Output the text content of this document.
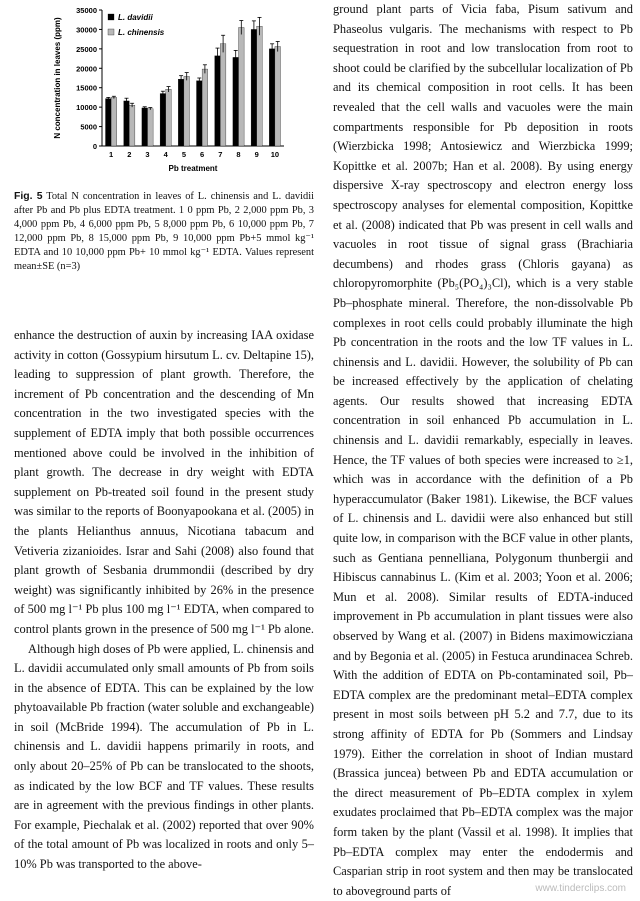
N concentration in leaves (ppm)
0
5000
10000
15000
20000
25000
30000
35000
1 2 3 4 5 6 7 8 9 10
Pb treatment
L. davidii
L. chinensis
Fig. 5 Total N concentration in leaves of L. chinensis and L. davidii after Pb and Pb plus EDTA treatment. 1 0 ppm Pb, 2 2,000 ppm Pb, 3 4,000 ppm Pb, 4 6,000 ppm Pb, 5 8,000 ppm Pb, 6 10,000 ppm Pb, 7 12,000 ppm Pb, 8 15,000 ppm Pb, 9 10,000 ppm Pb+5 mmol kg⁻¹ EDTA and 10 10,000 ppm Pb+ 10 mmol kg⁻¹ EDTA. Values represent mean±SE (n=3)

enhance the destruction of auxin by increasing IAA oxidase activity in cotton (Gossypium hirsutum L. cv. Deltapine 15), leading to suppression of plant growth. Therefore, the increment of Pb concentration and the descending of Mn concentration in the two investigated species with the supplement of EDTA imply that both possible occurrences mentioned above could be involved in the inhibition of plant growth. The decrease in dry weight with EDTA supplement on Pb-treated soil found in the present study was similar to the reports of Boonyapookana et al. (2005) in the plants Helianthus annuus, Nicotiana tabacum and Vetiveria zizanioides. Israr and Sahi (2008) also found that plant growth of Sesbania drummondii (described by dry weight) was significantly inhibited by 26% in the presence of 500 mg l⁻¹ Pb plus 100 mg l⁻¹ EDTA, when compared to control plants grown in the presence of 500 mg l⁻¹ Pb alone.

Although high doses of Pb were applied, L. chinensis and L. davidii accumulated only small amounts of Pb from soils in the absence of EDTA. This can be explained by the low phytoavailable Pb fraction (water soluble and exchangeable) in soil (McBride 1994). The accumulation of Pb in L. chinensis and L. davidii happens primarily in roots, and only about 20–25% of Pb can be translocated to the shoots, as indicated by the low BCF and TF values. These results are in agreement with the previous findings in other plants. For example, Piechalak et al. (2002) reported that over 90% of the total amount of Pb was localized in roots and only 5–10% Pb was transported to the above-

ground plant parts of Vicia faba, Pisum sativum and Phaseolus vulgaris. The mechanisms with respect to Pb sequestration in root and low translocation from root to shoot could be clarified by the subcellular localization of Pb and its chemical composition in root cells. It has been revealed that the cell walls and vacuoles were the main compartments responsible for Pb deposition in roots (Wierzbicka 1998; Antosiewicz and Wierzbicka 1999; Kopittke et al. 2007b; Han et al. 2008). By using energy dispersive X-ray spectroscopy and electron energy loss spectroscopy analyses for elemental composition, Kopittke et al. (2008) indicated that Pb was present in cell walls and vacuoles in root tissue of signal grass (Brachiaria decumbens) and rhodes grass (Chloris gayana) as chloropyromorphite (Pb₅(PO₄)₃Cl), which is a very stable Pb–phosphate mineral. Therefore, the non-dissolvable Pb complexes in root cells could probably illuminate the high Pb concentration in the roots and the low TF values in L. chinensis and L. davidii. However, the solubility of Pb can be increased effectively by the application of chelating agents. Our results showed that increasing EDTA concentration in soil enhanced Pb accumulation in L. chinensis and L. davidii remarkably, especially in leaves. Hence, the TF values of both species were increased to ≥1, which was in accordance with the definition of a Pb hyperaccumulator (Baker 1981). Likewise, the BCF values of L. chinensis and L. davidii were also enhanced but still quite low, in comparison with the BCF value in other plants, such as Gentiana pennelliana, Polygonum thunbergii and Hibiscus cannabinus L. (Kim et al. 2003; Yoon et al. 2006; Mun et al. 2008). Similar results of EDTA-induced improvement in Pb accumulation in plant tissues were also observed by Wang et al. (2007) in Bidens maximowicziana and by Begonia et al. (2005) in Festuca arundinacea Schreb. With the addition of EDTA on Pb-contaminated soil, Pb–EDTA complex are the predominant metal–EDTA complex present in most soils between pH 5.2 and 7.7, due to its strong affinity of EDTA for Pb (Sommers and Lindsay 1979). Either the correlation in shoot of Indian mustard (Brassica juncea) between Pb and EDTA accumulation or the direct measurement of Pb–EDTA complex in xylem exudates proclaimed that Pb–EDTA complex was the major form taken by the plant (Vassil et al. 1998). It implies that Pb–EDTA complex may enter the endodermis and Casparian strip in root system and then may be translocated to aboveground parts of	www.tinderclips.com
